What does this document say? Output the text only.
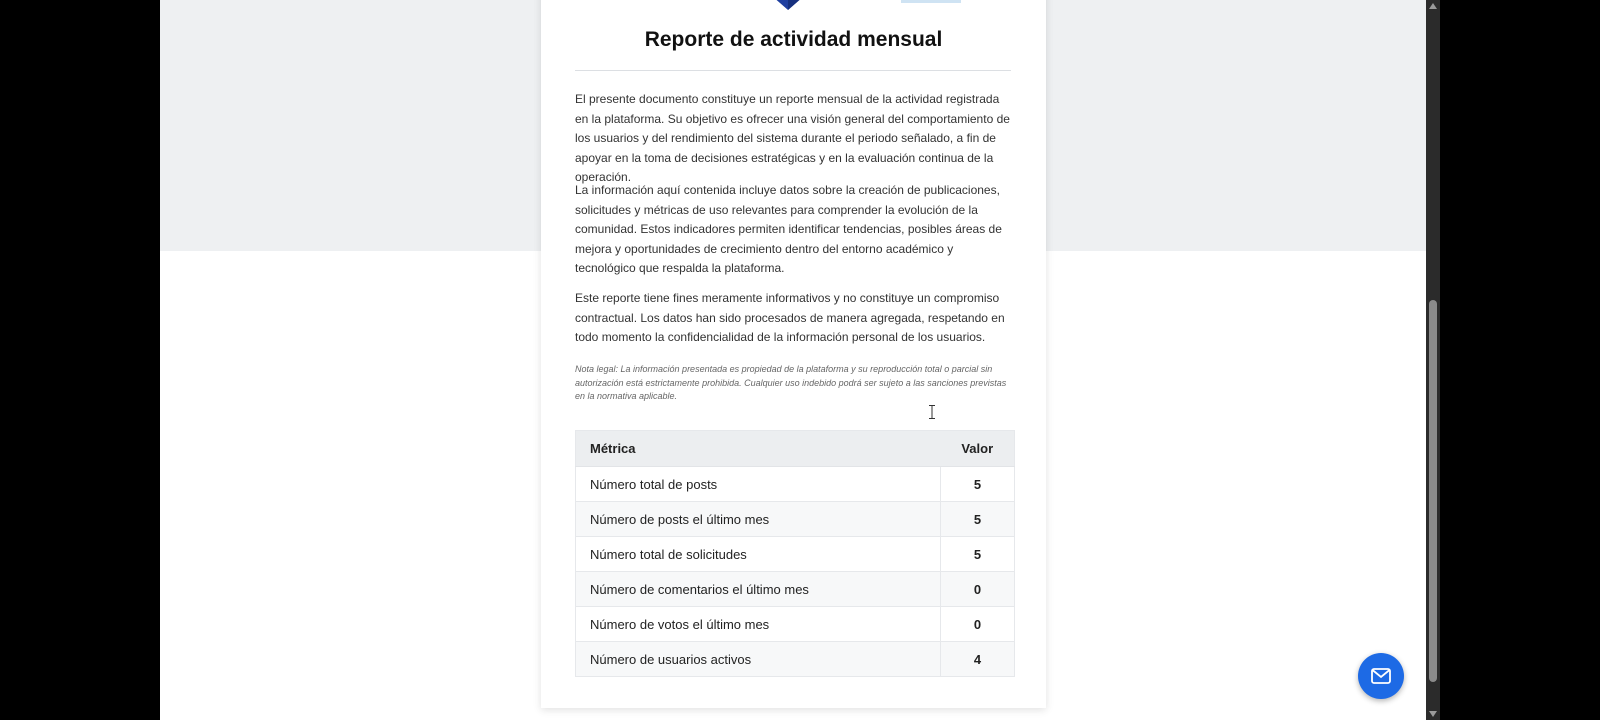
Reporte de actividad mensual

El presente documento constituye un reporte mensual de la actividad registrada en la plataforma. Su objetivo es ofrecer una visión general del comportamiento de los usuarios y del rendimiento del sistema durante el periodo señalado, a fin de apoyar en la toma de decisiones estratégicas y en la evaluación continua de la operación.

La información aquí contenida incluye datos sobre la creación de publicaciones, solicitudes y métricas de uso relevantes para comprender la evolución de la comunidad. Estos indicadores permiten identificar tendencias, posibles áreas de mejora y oportunidades de crecimiento dentro del entorno académico y tecnológico que respalda la plataforma.

Este reporte tiene fines meramente informativos y no constituye un compromiso contractual. Los datos han sido procesados de manera agregada, respetando en todo momento la confidencialidad de la información personal de los usuarios.

Nota legal: La información presentada es propiedad de la plataforma y su reproducción total o parcial sin autorización está estrictamente prohibida. Cualquier uso indebido podrá ser sujeto a las sanciones previstas en la normativa aplicable.

Métrica	Valor
Número total de posts	5
Número de posts el último mes	5
Número total de solicitudes	5
Número de comentarios el último mes	0
Número de votos el último mes	0
Número de usuarios activos	4
